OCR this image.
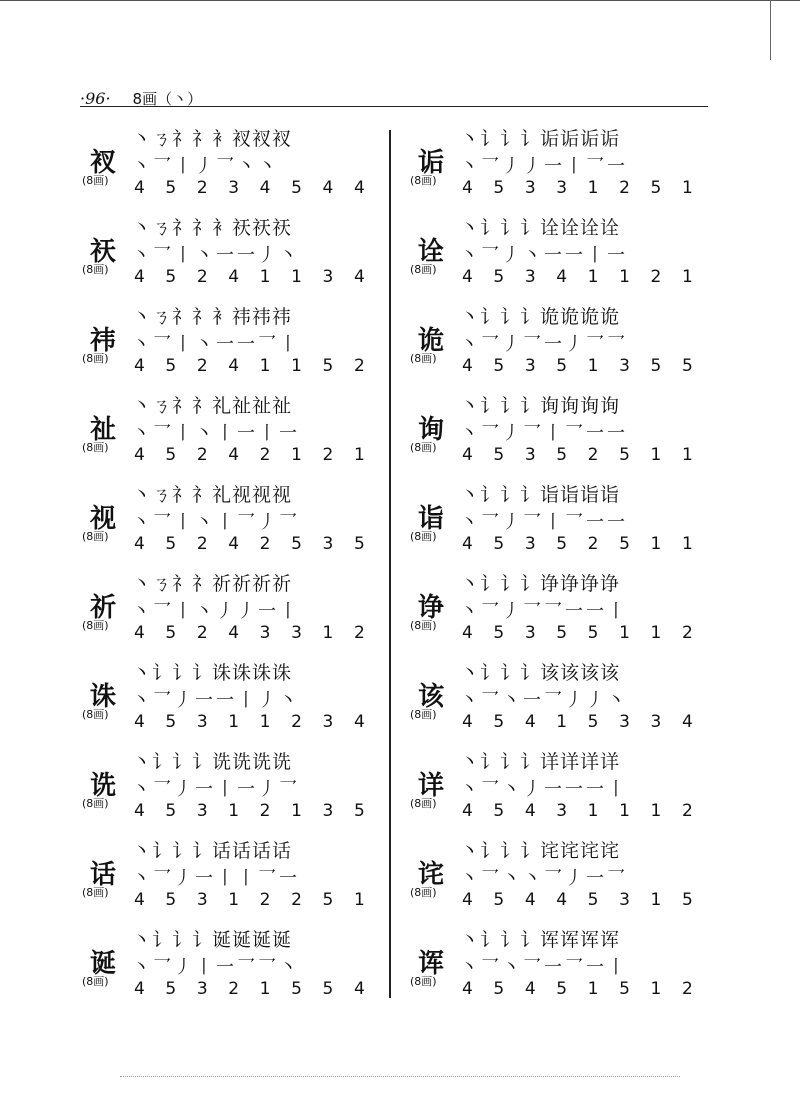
·96· 8画（丶）
丶ㄋ礻礻衤衩衩衩
衩 丶乛丨丿乛丶丶
(8画) 4 5 2 3 4 5 4 4
丶ㄋ礻礻衤祆祆祆
祆 丶乛丨丶一一丿丶
(8画) 4 5 2 4 1 1 3 4
丶ㄋ礻礻衤祎祎祎
祎 丶乛丨丶一一乛丨
(8画) 4 5 2 4 1 1 5 2
丶ㄋ礻礻礼祉祉祉
祉 丶乛丨丶丨一丨一
(8画) 4 5 2 4 2 1 2 1
丶ㄋ礻礻礼视视视
视 丶乛丨丶丨乛丿乛
(8画) 4 5 2 4 2 5 3 5
丶ㄋ礻礻祈祈祈祈
祈 丶乛丨丶丿丿一丨
(8画) 4 5 2 4 3 3 1 2
丶讠讠讠诛诛诛诛
诛 丶乛丿一一丨丿丶
(8画) 4 5 3 1 1 2 3 4
丶讠讠讠诜诜诜诜
诜 丶乛丿一丨一丿乛
(8画) 4 5 3 1 2 1 3 5
丶讠讠讠话话话话
话 丶乛丿一丨丨乛一
(8画) 4 5 3 1 2 2 5 1
丶讠讠讠诞诞诞诞
诞 丶乛丿丨一乛乛丶
(8画) 4 5 3 2 1 5 5 4
丶讠讠讠诟诟诟诟
诟 丶乛丿丿一丨乛一
(8画) 4 5 3 3 1 2 5 1
丶讠讠讠诠诠诠诠
诠 丶乛丿丶一一丨一
(8画) 4 5 3 4 1 1 2 1
丶讠讠讠诡诡诡诡
诡 丶乛丿乛一丿乛乛
(8画) 4 5 3 5 1 3 5 5
丶讠讠讠询询询询
询 丶乛丿乛丨乛一一
(8画) 4 5 3 5 2 5 1 1
丶讠讠讠诣诣诣诣
诣 丶乛丿乛丨乛一一
(8画) 4 5 3 5 2 5 1 1
丶讠讠讠诤诤诤诤
诤 丶乛丿乛乛一一丨
(8画) 4 5 3 5 5 1 1 2
丶讠讠讠该该该该
该 丶乛丶一乛丿丿丶
(8画) 4 5 4 1 5 3 3 4
丶讠讠讠详详详详
详 丶乛丶丿一一一丨
(8画) 4 5 4 3 1 1 1 2
丶讠讠讠诧诧诧诧
诧 丶乛丶丶乛丿一乛
(8画) 4 5 4 4 5 3 1 5
丶讠讠讠诨诨诨诨
诨 丶乛丶乛一乛一丨
(8画) 4 5 4 5 1 5 1 2
